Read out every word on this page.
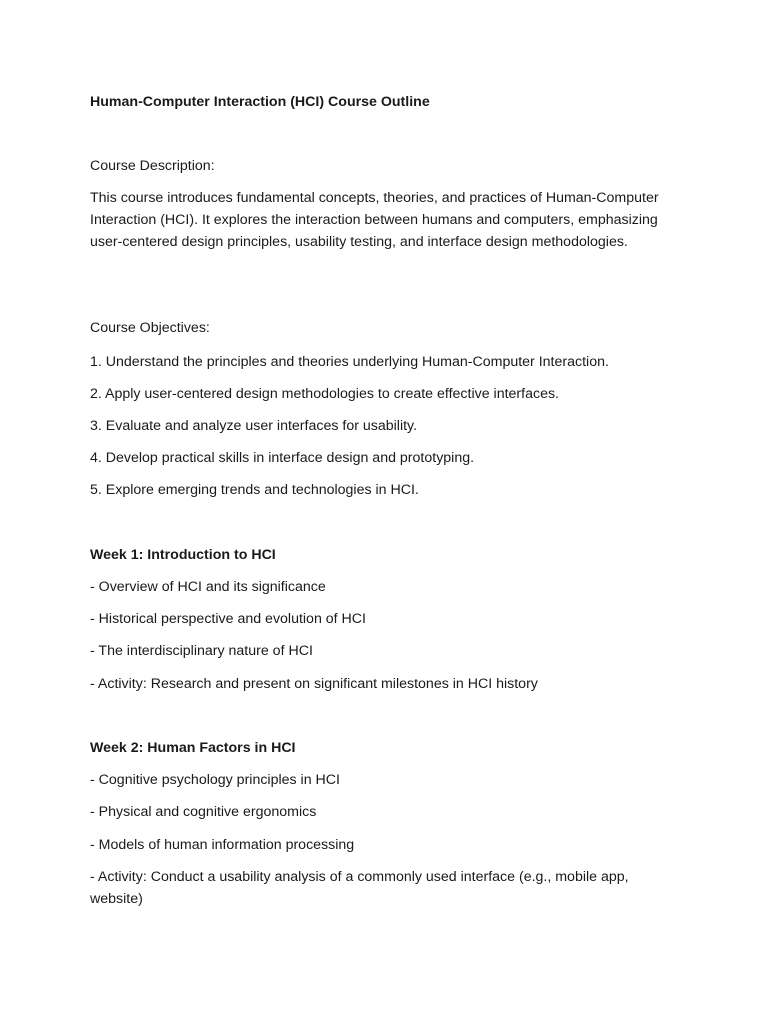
Human-Computer Interaction (HCI) Course Outline

Course Description:

This course introduces fundamental concepts, theories, and practices of Human-Computer Interaction (HCI). It explores the interaction between humans and computers, emphasizing user-centered design principles, usability testing, and interface design methodologies.

Course Objectives:

1. Understand the principles and theories underlying Human-Computer Interaction.

2. Apply user-centered design methodologies to create effective interfaces.

3. Evaluate and analyze user interfaces for usability.

4. Develop practical skills in interface design and prototyping.

5. Explore emerging trends and technologies in HCI.

Week 1: Introduction to HCI

- Overview of HCI and its significance

- Historical perspective and evolution of HCI

- The interdisciplinary nature of HCI

- Activity: Research and present on significant milestones in HCI history

Week 2: Human Factors in HCI

- Cognitive psychology principles in HCI

- Physical and cognitive ergonomics

- Models of human information processing

- Activity: Conduct a usability analysis of a commonly used interface (e.g., mobile app, website)
